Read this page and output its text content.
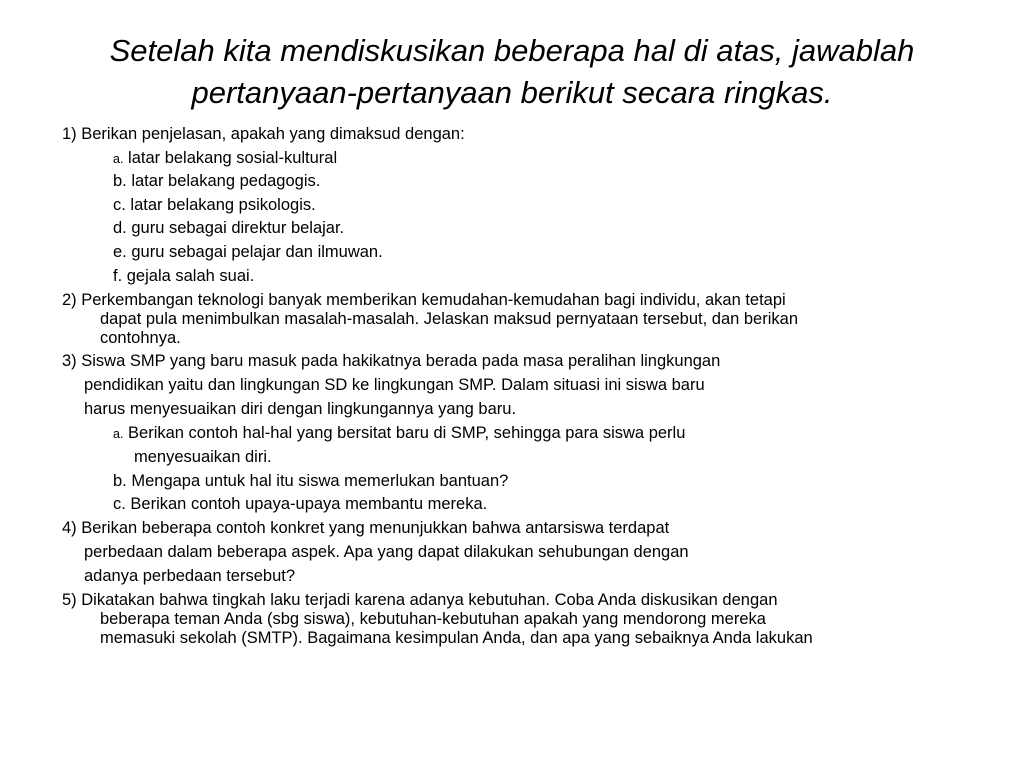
Setelah kita mendiskusikan beberapa hal di atas, jawablah
pertanyaan-pertanyaan berikut secara ringkas.
1) Berikan penjelasan, apakah yang dimaksud dengan:
a. latar belakang sosial-kultural
b. latar belakang pedagogis.
c. latar belakang psikologis.
d. guru sebagai direktur belajar.
e. guru sebagai pelajar dan ilmuwan.
f. gejala salah suai.
2) Perkembangan teknologi banyak memberikan kemudahan-kemudahan bagi individu, akan tetapi
dapat pula menimbulkan masalah-masalah. Jelaskan maksud pernyataan tersebut, dan berikan
contohnya.
3) Siswa SMP yang baru masuk pada hakikatnya berada pada masa peralihan lingkungan
pendidikan yaitu dan lingkungan SD ke lingkungan SMP. Dalam situasi ini siswa baru
harus menyesuaikan diri dengan lingkungannya yang baru.
a. Berikan contoh hal-hal yang bersitat baru di SMP, sehingga para siswa perlu
menyesuaikan diri.
b. Mengapa untuk hal itu siswa memerlukan bantuan?
c. Berikan contoh upaya-upaya membantu mereka.
4) Berikan beberapa contoh konkret yang menunjukkan bahwa antarsiswa terdapat
perbedaan dalam beberapa aspek. Apa yang dapat dilakukan sehubungan dengan
adanya perbedaan tersebut?
5) Dikatakan bahwa tingkah laku terjadi karena adanya kebutuhan. Coba Anda diskusikan dengan
beberapa teman Anda (sbg siswa), kebutuhan-kebutuhan apakah yang mendorong mereka
memasuki sekolah (SMTP). Bagaimana kesimpulan Anda, dan apa yang sebaiknya Anda lakukan
